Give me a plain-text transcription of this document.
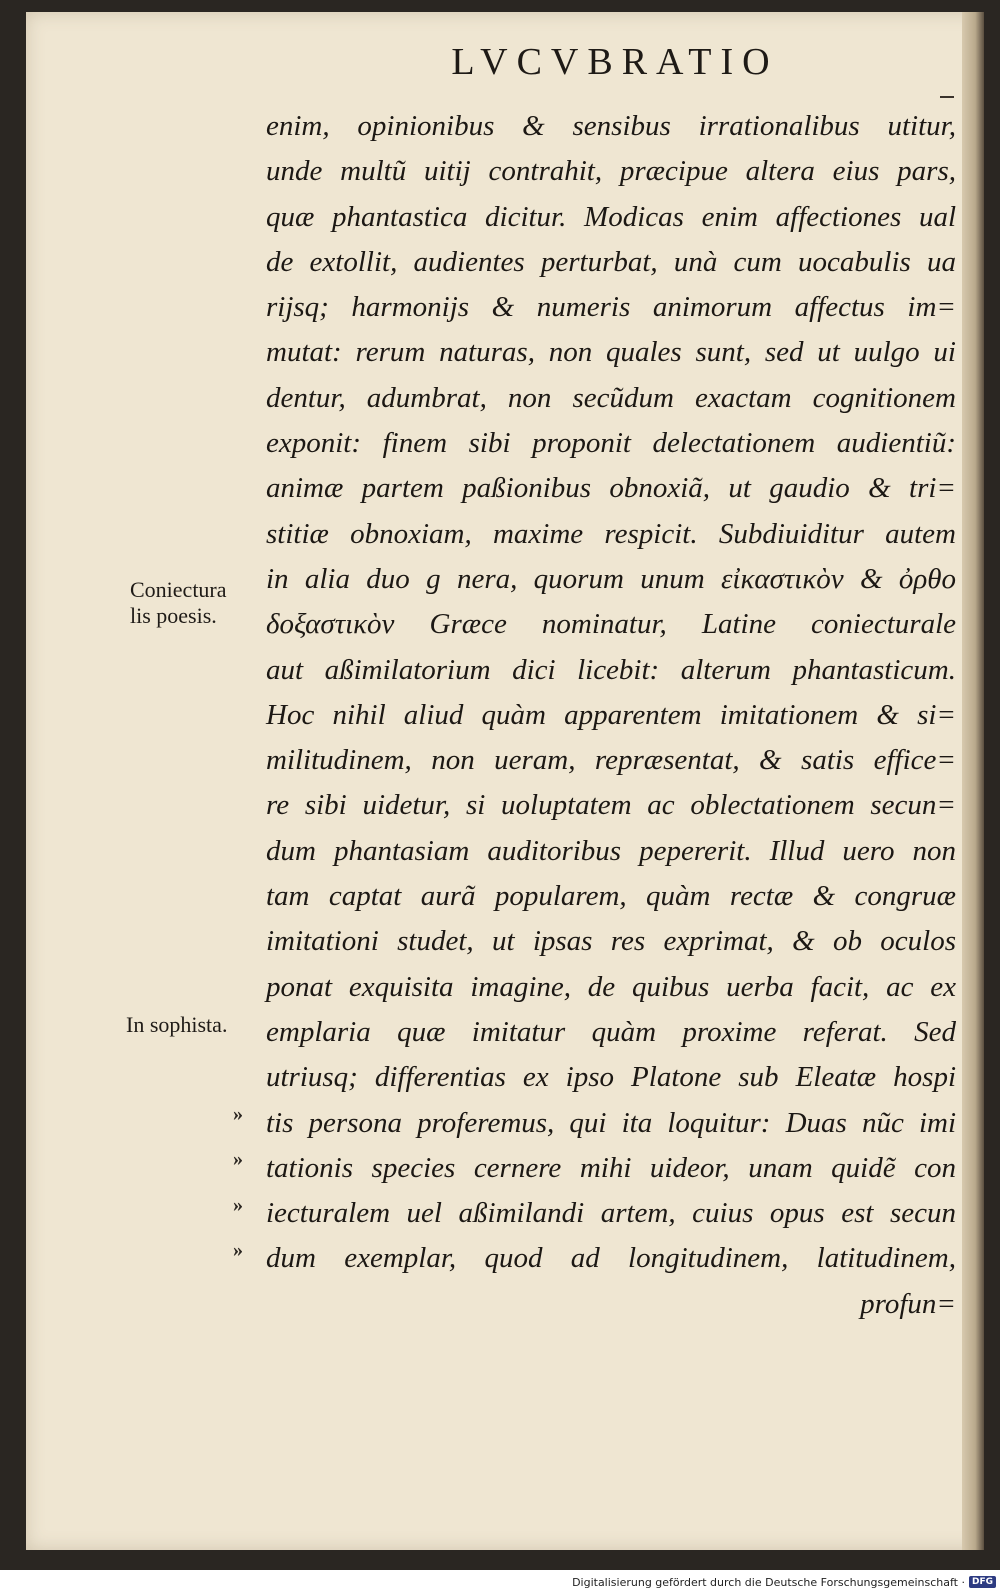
LVCVBRATIO
enim, opinionibus & sensibus irrationalibus utitur,
unde multũ uitij contrahit, præcipue altera eius pars,
quæ phantastica dicitur. Modicas enim affectiones ual
de extollit, audientes perturbat, unà cum uocabulis ua
rijsq; harmonijs & numeris animorum affectus im=
mutat: rerum naturas, non quales sunt, sed ut uulgo ui
dentur, adumbrat, non secũdum exactam cognitionem
exponit: finem sibi proponit delectationem audientiũ:
animæ partem paßionibus obnoxiã, ut gaudio & tri=
stitiæ obnoxiam, maxime respicit. Subdiuiditur autem
in alia duo g nera, quorum unum εἰκαστικὸν & ὀρθο
δοξαστικὸν Græce nominatur, Latine coniecturale
aut aßimilatorium dici licebit: alterum phantasticum.
Hoc nihil aliud quàm apparentem imitationem & si=
militudinem, non ueram, repræsentat, & satis effice=
re sibi uidetur, si uoluptatem ac oblectationem secun=
dum phantasiam auditoribus pepererit. Illud uero non
tam captat aurã popularem, quàm rectæ & congruæ
imitationi studet, ut ipsas res exprimat, & ob oculos
ponat exquisita imagine, de quibus uerba facit, ac ex
emplaria quæ imitatur quàm proxime referat. Sed
utriusq; differentias ex ipso Platone sub Eleatæ hospi
tis persona proferemus, qui ita loquitur: Duas nũc imi
tationis species cernere mihi uideor, unam quidẽ con
iecturalem uel aßimilandi artem, cuius opus est secun
dum exemplar, quod ad longitudinem, latitudinem,
profun=
Coniectura
lis poesis.
In sophista.
»
»
»
»
Digitalisierung gefördert durch die Deutsche Forschungsgemeinschaft · DFG
